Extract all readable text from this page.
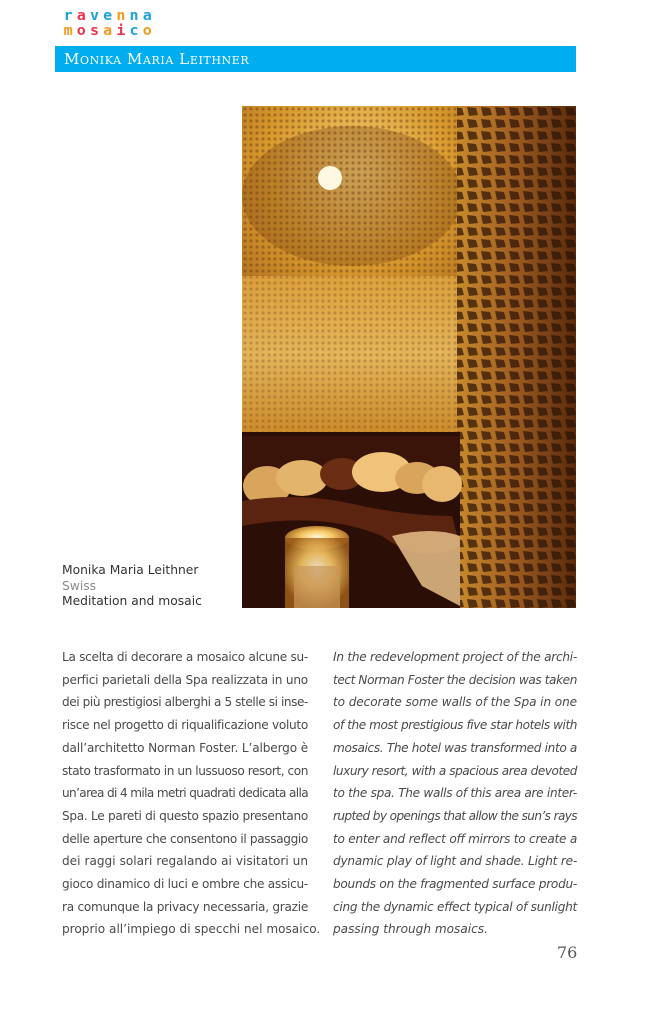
r a v e n n a
m o s a i c o
Monika Maria Leithner
Monika Maria Leithner
Swiss
Meditation and mosaic
La scelta di decorare a mosaico alcune su-
perfici parietali della Spa realizzata in uno
dei più prestigiosi alberghi a 5 stelle si inse-
risce nel progetto di riqualificazione voluto
dall’architetto Norman Foster. L’albergo è
stato trasformato in un lussuoso resort, con
un’area di 4 mila metri quadrati dedicata alla
Spa. Le pareti di questo spazio presentano
delle aperture che consentono il passaggio
dei raggi solari regalando ai visitatori un
gioco dinamico di luci e ombre che assicu-
ra comunque la privacy necessaria, grazie
proprio all’impiego di specchi nel mosaico.
In the redevelopment project of the archi-
tect Norman Foster the decision was taken
to decorate some walls of the Spa in one
of the most prestigious five star hotels with
mosaics. The hotel was transformed into a
luxury resort, with a spacious area devoted
to the spa. The walls of this area are inter-
rupted by openings that allow the sun’s rays
to enter and reflect off mirrors to create a
dynamic play of light and shade. Light re-
bounds on the fragmented surface produ-
cing the dynamic effect typical of sunlight
passing through mosaics.
76
